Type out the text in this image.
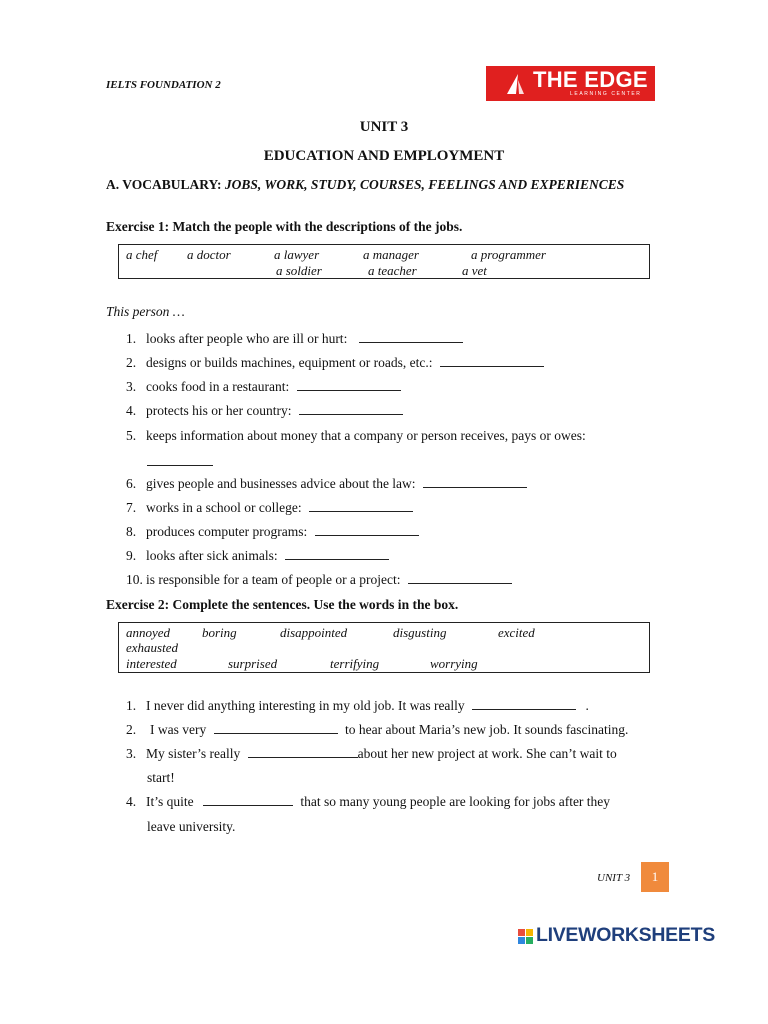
IELTS FOUNDATION 2	THE EDGE
LEARNING CENTER
UNIT 3
EDUCATION AND EMPLOYMENT
A. VOCABULARY: JOBS, WORK, STUDY, COURSES, FEELINGS AND EXPERIENCES
Exercise 1: Match the people with the descriptions of the jobs.
a chef a doctor	a lawyer	a manager	a programmer
a soldier	a teacher	a vet
This person …
1. looks after people who are ill or hurt:
2. designs or builds machines, equipment or roads, etc.:
3. cooks food in a restaurant:
4. protects his or her country:
5. keeps information about money that a company or person receives, pays or owes:
6. gives people and businesses advice about the law:
7. works in a school or college:
8. produces computer programs:
9. looks after sick animals:
10. is responsible for a team of people or a project:
Exercise 2: Complete the sentences. Use the words in the box.
annoyed boring	disappointed	disgusting	excited
exhausted
interested	surprised	terrifying	worrying
1. I never did anything interesting in my old job. It was really	.
2. I was very	to hear about Maria’s new job. It sounds fascinating.
3. My sister’s really	about her new project at work. She can’t wait to
start!
4. It’s quite	that so many young people are looking for jobs after they
leave university.
UNIT 3	1
LIVEWORKSHEETS
